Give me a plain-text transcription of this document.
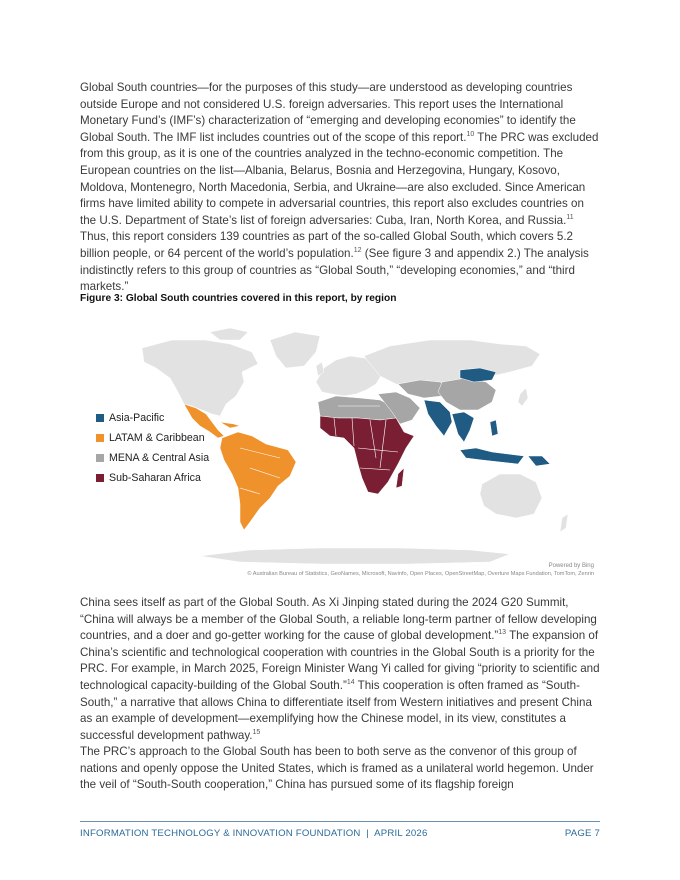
Global South countries—for the purposes of this study—are understood as developing countries outside Europe and not considered U.S. foreign adversaries. This report uses the International Monetary Fund’s (IMF’s) characterization of “emerging and developing economies” to identify the Global South. The IMF list includes countries out of the scope of this report.$^{10}$ The PRC was excluded from this group, as it is one of the countries analyzed in the techno-economic competition. The European countries on the list—Albania, Belarus, Bosnia and Herzegovina, Hungary, Kosovo, Moldova, Montenegro, North Macedonia, Serbia, and Ukraine—are also excluded. Since American firms have limited ability to compete in adversarial countries, this report also excludes countries on the U.S. Department of State’s list of foreign adversaries: Cuba, Iran, North Korea, and Russia.$^{11}$ Thus, this report considers 139 countries as part of the so-called Global South, which covers 5.2 billion people, or 64 percent of the world’s population.$^{12}$ (See figure 3 and appendix 2.) The analysis indistinctly refers to this group of countries as “Global South,” “developing economies,” and “third markets.”

Figure 3: Global South countries covered in this report, by region
Asia-Pacific
LATAM & Caribbean
MENA & Central Asia
Sub-Saharan Africa
Powered by Bing
© Australian Bureau of Statistics, GeoNames, Microsoft, Navinfo, Open Places, OpenStreetMap, Overture Maps Fundation, TomTom, Zenrin

China sees itself as part of the Global South. As Xi Jinping stated during the 2024 G20 Summit, “China will always be a member of the Global South, a reliable long-term partner of fellow developing countries, and a doer and go-getter working for the cause of global development.”$^{13}$ The expansion of China’s scientific and technological cooperation with countries in the Global South is a priority for the PRC. For example, in March 2025, Foreign Minister Wang Yi called for giving “priority to scientific and technological capacity-building of the Global South.”$^{14}$ This cooperation is often framed as “South-South,” a narrative that allows China to differentiate itself from Western initiatives and present China as an example of development—exemplifying how the Chinese model, in its view, constitutes a successful development pathway.$^{15}$

The PRC’s approach to the Global South has been to both serve as the convenor of this group of nations and openly oppose the United States, which is framed as a unilateral world hegemon. Under the veil of “South-South cooperation,” China has pursued some of its flagship foreign

INFORMATION TECHNOLOGY & INNOVATION FOUNDATION  |  APRIL 2026	PAGE 7
